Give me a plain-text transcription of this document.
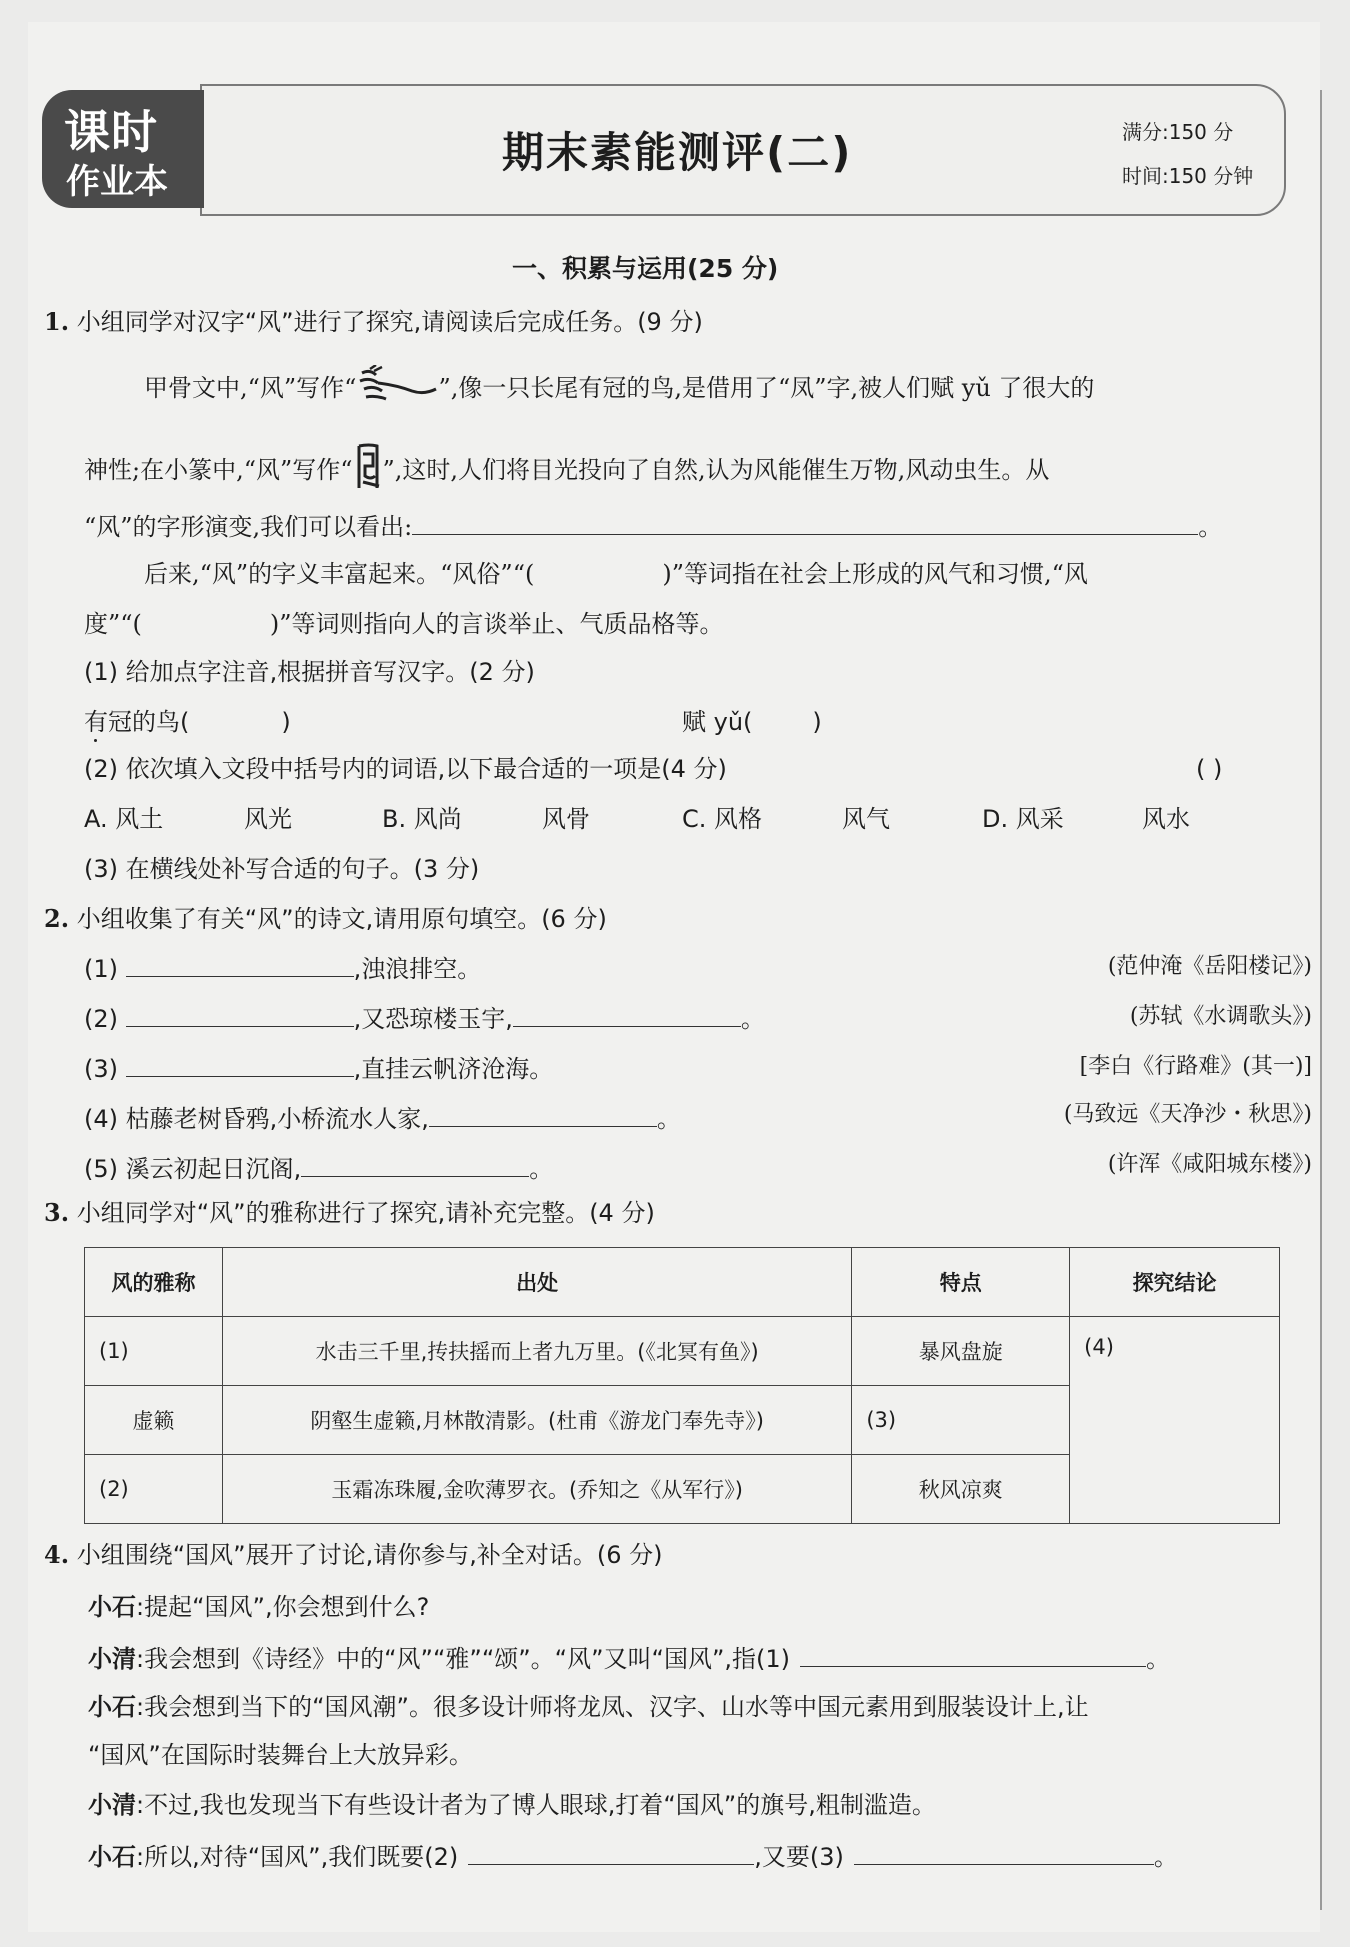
期末素能测评(二)	满分:150 分
时间:150 分钟
课时
作业本
一、积累与运用(25 分)
1. 小组同学对汉字“风”进行了探究,请阅读后完成任务。(9 分)
甲骨文中,“风”写作“	”,像一只长尾有冠的鸟,是借用了“凤”字,被人们赋 yǔ 了很大的
神性;在小篆中,“风”写作“ ”,这时,人们将目光投向了自然,认为风能催生万物,风动虫生。从
“风”的字形演变,我们可以看出:	。
后来,“风”的字义丰富起来。“风俗”“(	)”等词指在社会上形成的风气和习惯,“风
度”“(	)”等词则指向人的言谈举止、气质品格等。
(1) 给加点字注音,根据拼音写汉字。(2 分)
有冠的鸟(	)	赋 yǔ(	)
(2) 依次填入文段中括号内的词语,以下最合适的一项是(4 分)	( )
A. 风土	风光	B. 风尚	风骨	C. 风格	风气	D. 风采	风水
(3) 在横线处补写合适的句子。(3 分)
2. 小组收集了有关“风”的诗文,请用原句填空。(6 分)
(1)	,浊浪排空。	(范仲淹《岳阳楼记》)
(2)	,又恐琼楼玉宇,	。	(苏轼《水调歌头》)
(3)	,直挂云帆济沧海。	[李白《行路难》(其一)]
(4) 枯藤老树昏鸦,小桥流水人家,	。	(马致远《天净沙・秋思》)
(5) 溪云初起日沉阁,	。	(许浑《咸阳城东楼》)
3. 小组同学对“风”的雅称进行了探究,请补充完整。(4 分)
风的雅称	出处	特点	探究结论
(1)	水击三千里,抟扶摇而上者九万里。(《北冥有鱼》)	暴风盘旋	(4)
虚籁	阴壑生虚籁,月林散清影。(杜甫《游龙门奉先寺》)	(3)	
(2)	玉霜冻珠履,金吹薄罗衣。(乔知之《从军行》)	秋风凉爽	
4. 小组围绕“国风”展开了讨论,请你参与,补全对话。(6 分)
小石:提起“国风”,你会想到什么?
小清:我会想到《诗经》中的“风”“雅”“颂”。“风”又叫“国风”,指(1)	。
小石:我会想到当下的“国风潮”。很多设计师将龙凤、汉字、山水等中国元素用到服装设计上,让
“国风”在国际时装舞台上大放异彩。
小清:不过,我也发现当下有些设计者为了博人眼球,打着“国风”的旗号,粗制滥造。
小石:所以,对待“国风”,我们既要(2)	,又要(3)	。
